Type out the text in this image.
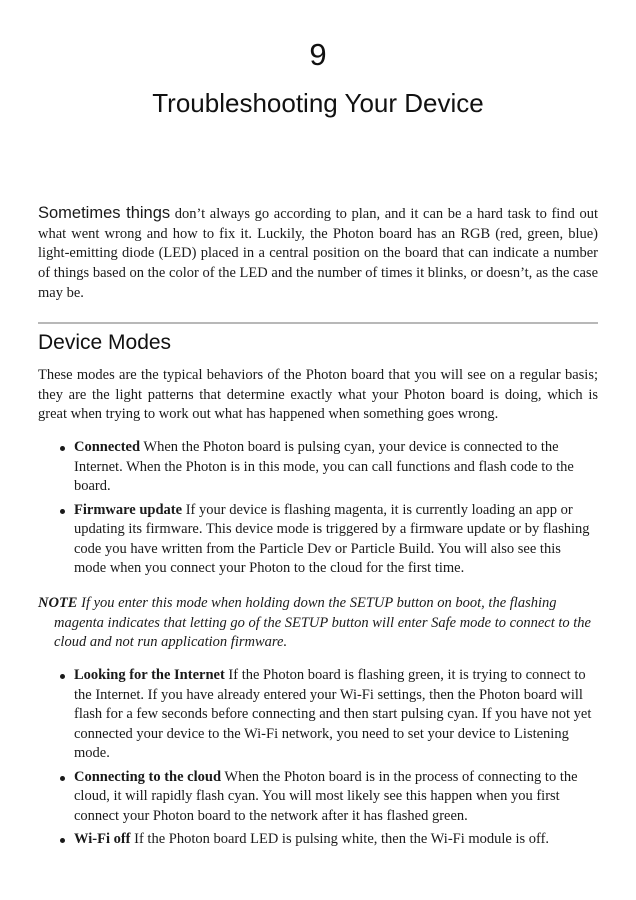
9
Troubleshooting Your Device

Sometimes things don’t always go according to plan, and it can be a hard task to find out what went wrong and how to fix it. Luckily, the Photon board has an RGB (red, green, blue) light-emitting diode (LED) placed in a central position on the board that can indicate a number of things based on the color of the LED and the number of times it blinks, or doesn’t, as the case may be.

Device Modes

These modes are the typical behaviors of the Photon board that you will see on a regular basis; they are the light patterns that determine exactly what your Photon board is doing, which is great when trying to work out what has happened when something goes wrong.

Connected When the Photon board is pulsing cyan, your device is connected to the Internet. When the Photon is in this mode, you can call functions and flash code to the board.
Firmware update If your device is flashing magenta, it is currently loading an app or updating its firmware. This device mode is triggered by a firmware update or by flashing code you have written from the Particle Dev or Particle Build. You will also see this mode when you connect your Photon to the cloud for the first time.

NOTE If you enter this mode when holding down the SETUP button on boot, the flashing magenta indicates that letting go of the SETUP button will enter Safe mode to connect to the cloud and not run application firmware.

Looking for the Internet If the Photon board is flashing green, it is trying to connect to the Internet. If you have already entered your Wi-Fi settings, then the Photon board will flash for a few seconds before connecting and then start pulsing cyan. If you have not yet connected your device to the Wi-Fi network, you need to set your device to Listening mode.
Connecting to the cloud When the Photon board is in the process of connecting to the cloud, it will rapidly flash cyan. You will most likely see this happen when you first connect your Photon board to the network after it has flashed green.
Wi-Fi off If the Photon board LED is pulsing white, then the Wi-Fi module is off.
